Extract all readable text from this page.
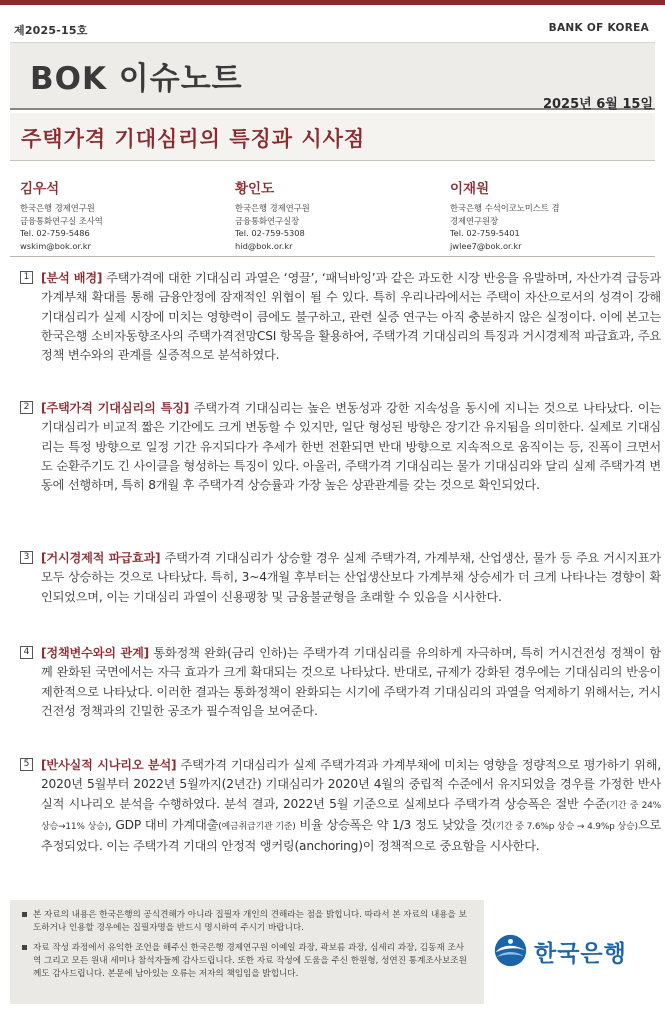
제2025-15호	BANK OF KOREA
BOK 이슈노트
2025년 6월 15일
주택가격 기대심리의 특징과 시사점
김우석
한국은행 경제연구원
금융통화연구실 조사역
Tel. 02-759-5486
wskim@bok.or.kr
황인도
한국은행 경제연구원
금융통화연구실장
Tel. 02-759-5308
hid@bok.or.kr
이재원
한국은행 수석이코노미스트 겸
경제연구원장
Tel. 02-759-5401
jwlee7@bok.or.kr
1 [분석 배경] 주택가격에 대한 기대심리 과열은 ‘영끌’, ‘패닉바잉’과 같은 과도한 시장 반응을 유발하며, 자산가격 급등과 가계부채 확대를 통해 금융안정에 잠재적인 위협이 될 수 있다. 특히 우리나라에서는 주택이 자산으로서의 성격이 강해 기대심리가 실제 시장에 미치는 영향력이 큼에도 불구하고, 관련 실증 연구는 아직 충분하지 않은 실정이다. 이에 본고는 한국은행 소비자동향조사의 주택가격전망CSI 항목을 활용하여, 주택가격 기대심리의 특징과 거시경제적 파급효과, 주요 정책 변수와의 관계를 실증적으로 분석하였다.
2 [주택가격 기대심리의 특징] 주택가격 기대심리는 높은 변동성과 강한 지속성을 동시에 지니는 것으로 나타났다. 이는 기대심리가 비교적 짧은 기간에도 크게 변동할 수 있지만, 일단 형성된 방향은 장기간 유지됨을 의미한다. 실제로 기대심리는 특정 방향으로 일정 기간 유지되다가 추세가 한번 전환되면 반대 방향으로 지속적으로 움직이는 등, 진폭이 크면서도 순환주기도 긴 사이클을 형성하는 특징이 있다. 아울러, 주택가격 기대심리는 물가 기대심리와 달리 실제 주택가격 변동에 선행하며, 특히 8개월 후 주택가격 상승률과 가장 높은 상관관계를 갖는 것으로 확인되었다.
3 [거시경제적 파급효과] 주택가격 기대심리가 상승할 경우 실제 주택가격, 가계부채, 산업생산, 물가 등 주요 거시지표가 모두 상승하는 것으로 나타났다. 특히, 3~4개월 후부터는 산업생산보다 가계부채 상승세가 더 크게 나타나는 경향이 확인되었으며, 이는 기대심리 과열이 신용팽창 및 금융불균형을 초래할 수 있음을 시사한다.
4 [정책변수와의 관계] 통화정책 완화(금리 인하)는 주택가격 기대심리를 유의하게 자극하며, 특히 거시건전성 정책이 함께 완화된 국면에서는 자극 효과가 크게 확대되는 것으로 나타났다. 반대로, 규제가 강화된 경우에는 기대심리의 반응이 제한적으로 나타났다. 이러한 결과는 통화정책이 완화되는 시기에 주택가격 기대심리의 과열을 억제하기 위해서는, 거시건전성 정책과의 긴밀한 공조가 필수적임을 보여준다.
5 [반사실적 시나리오 분석] 주택가격 기대심리가 실제 주택가격과 가계부채에 미치는 영향을 정량적으로 평가하기 위해, 2020년 5월부터 2022년 5월까지(2년간) 기대심리가 2020년 4월의 중립적 수준에서 유지되었을 경우를 가정한 반사실적 시나리오 분석을 수행하였다. 분석 결과, 2022년 5월 기준으로 실제보다 주택가격 상승폭은 절반 수준(기간 중 24% 상승→11% 상승), GDP 대비 가계대출(예금취급기관 기준) 비율 상승폭은 약 1/3 정도 낮았을 것(기간 중 7.6%p 상승 → 4.9%p 상승)으로 추정되었다. 이는 주택가격 기대의 안정적 앵커링(anchoring)이 정책적으로 중요함을 시사한다.
본 자료의 내용은 한국은행의 공식견해가 아니라 집필자 개인의 견해라는 점을 밝힙니다. 따라서 본 자료의 내용을 보도하거나 인용할 경우에는 집필자명을 반드시 명시하여 주시기 바랍니다.
자료 작성 과정에서 유익한 조언을 해주신 한국은행 경제연구원 이예일 과장, 곽보름 과장, 심세리 과장, 김동재 조사역 그리고 모든 원내 세미나 참석자들께 감사드립니다. 또한 자료 작성에 도움을 주신 한원형, 성연진 통계조사보조원께도 감사드립니다. 본문에 남아있는 오류는 저자의 책임임을 밝힙니다.
한국은행
